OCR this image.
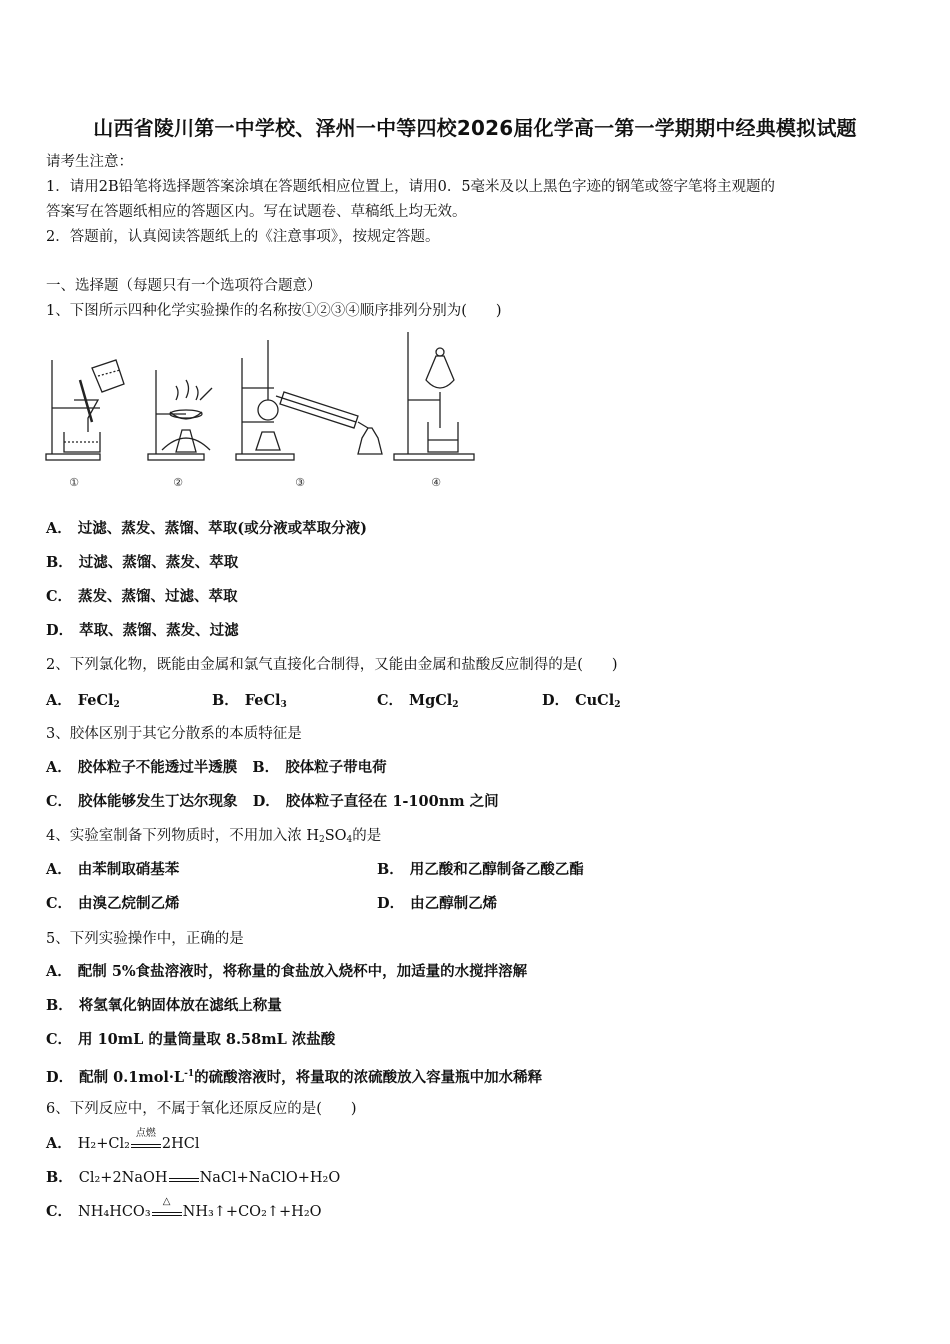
山西省陵川第一中学校、泽州一中等四校2026届化学高一第一学期期中经典模拟试题
请考生注意：
1．请用2B铅笔将选择题答案涂填在答题纸相应位置上，请用0．5毫米及以上黑色字迹的钢笔或签字笔将主观题的
答案写在答题纸相应的答题区内。写在试题卷、草稿纸上均无效。
2．答题前，认真阅读答题纸上的《注意事项》，按规定答题。
一、选择题（每题只有一个选项符合题意）
1、下图所示四种化学实验操作的名称按①②③④顺序排列分别为(　　)
①	②	③	④
A． 过滤、蒸发、蒸馏、萃取(或分液或萃取分液)
B． 过滤、蒸馏、蒸发、萃取
C． 蒸发、蒸馏、过滤、萃取
D． 萃取、蒸馏、蒸发、过滤
2、下列氯化物，既能由金属和氯气直接化合制得，又能由金属和盐酸反应制得的是(　　)
A． FeCl$_2$	B． FeCl$_3$	C． MgCl$_2$	D． CuCl$_2$
3、胶体区别于其它分散系的本质特征是
A． 胶体粒子不能透过半透膜 B． 胶体粒子带电荷
C． 胶体能够发生丁达尔现象 D． 胶体粒子直径在 1-100nm 之间
4、实验室制备下列物质时，不用加入浓 $H_2SO_4$的是
A． 由苯制取硝基苯	B． 用乙酸和乙醇制备乙酸乙酯
C． 由溴乙烷制乙烯	D． 由乙醇制乙烯
5、下列实验操作中，正确的是
A． 配制 5%食盐溶液时，将称量的食盐放入烧杯中，加适量的水搅拌溶解
B． 将氢氧化钠固体放在滤纸上称量
C． 用 10mL 的量筒量取 8.58mL 浓盐酸
D． 配制 $0.1mol\cdot L^{-1}$的硫酸溶液时，将量取的浓硫酸放入容量瓶中加水稀释
6、下列反应中，不属于氧化还原反应的是(　　)
A． H₂+Cl₂
点燃
2HCl
B． Cl₂+2NaOH NaCl+NaClO+H₂O
C． NH₄HCO₃
△
NH₃↑+CO₂↑+H₂O
